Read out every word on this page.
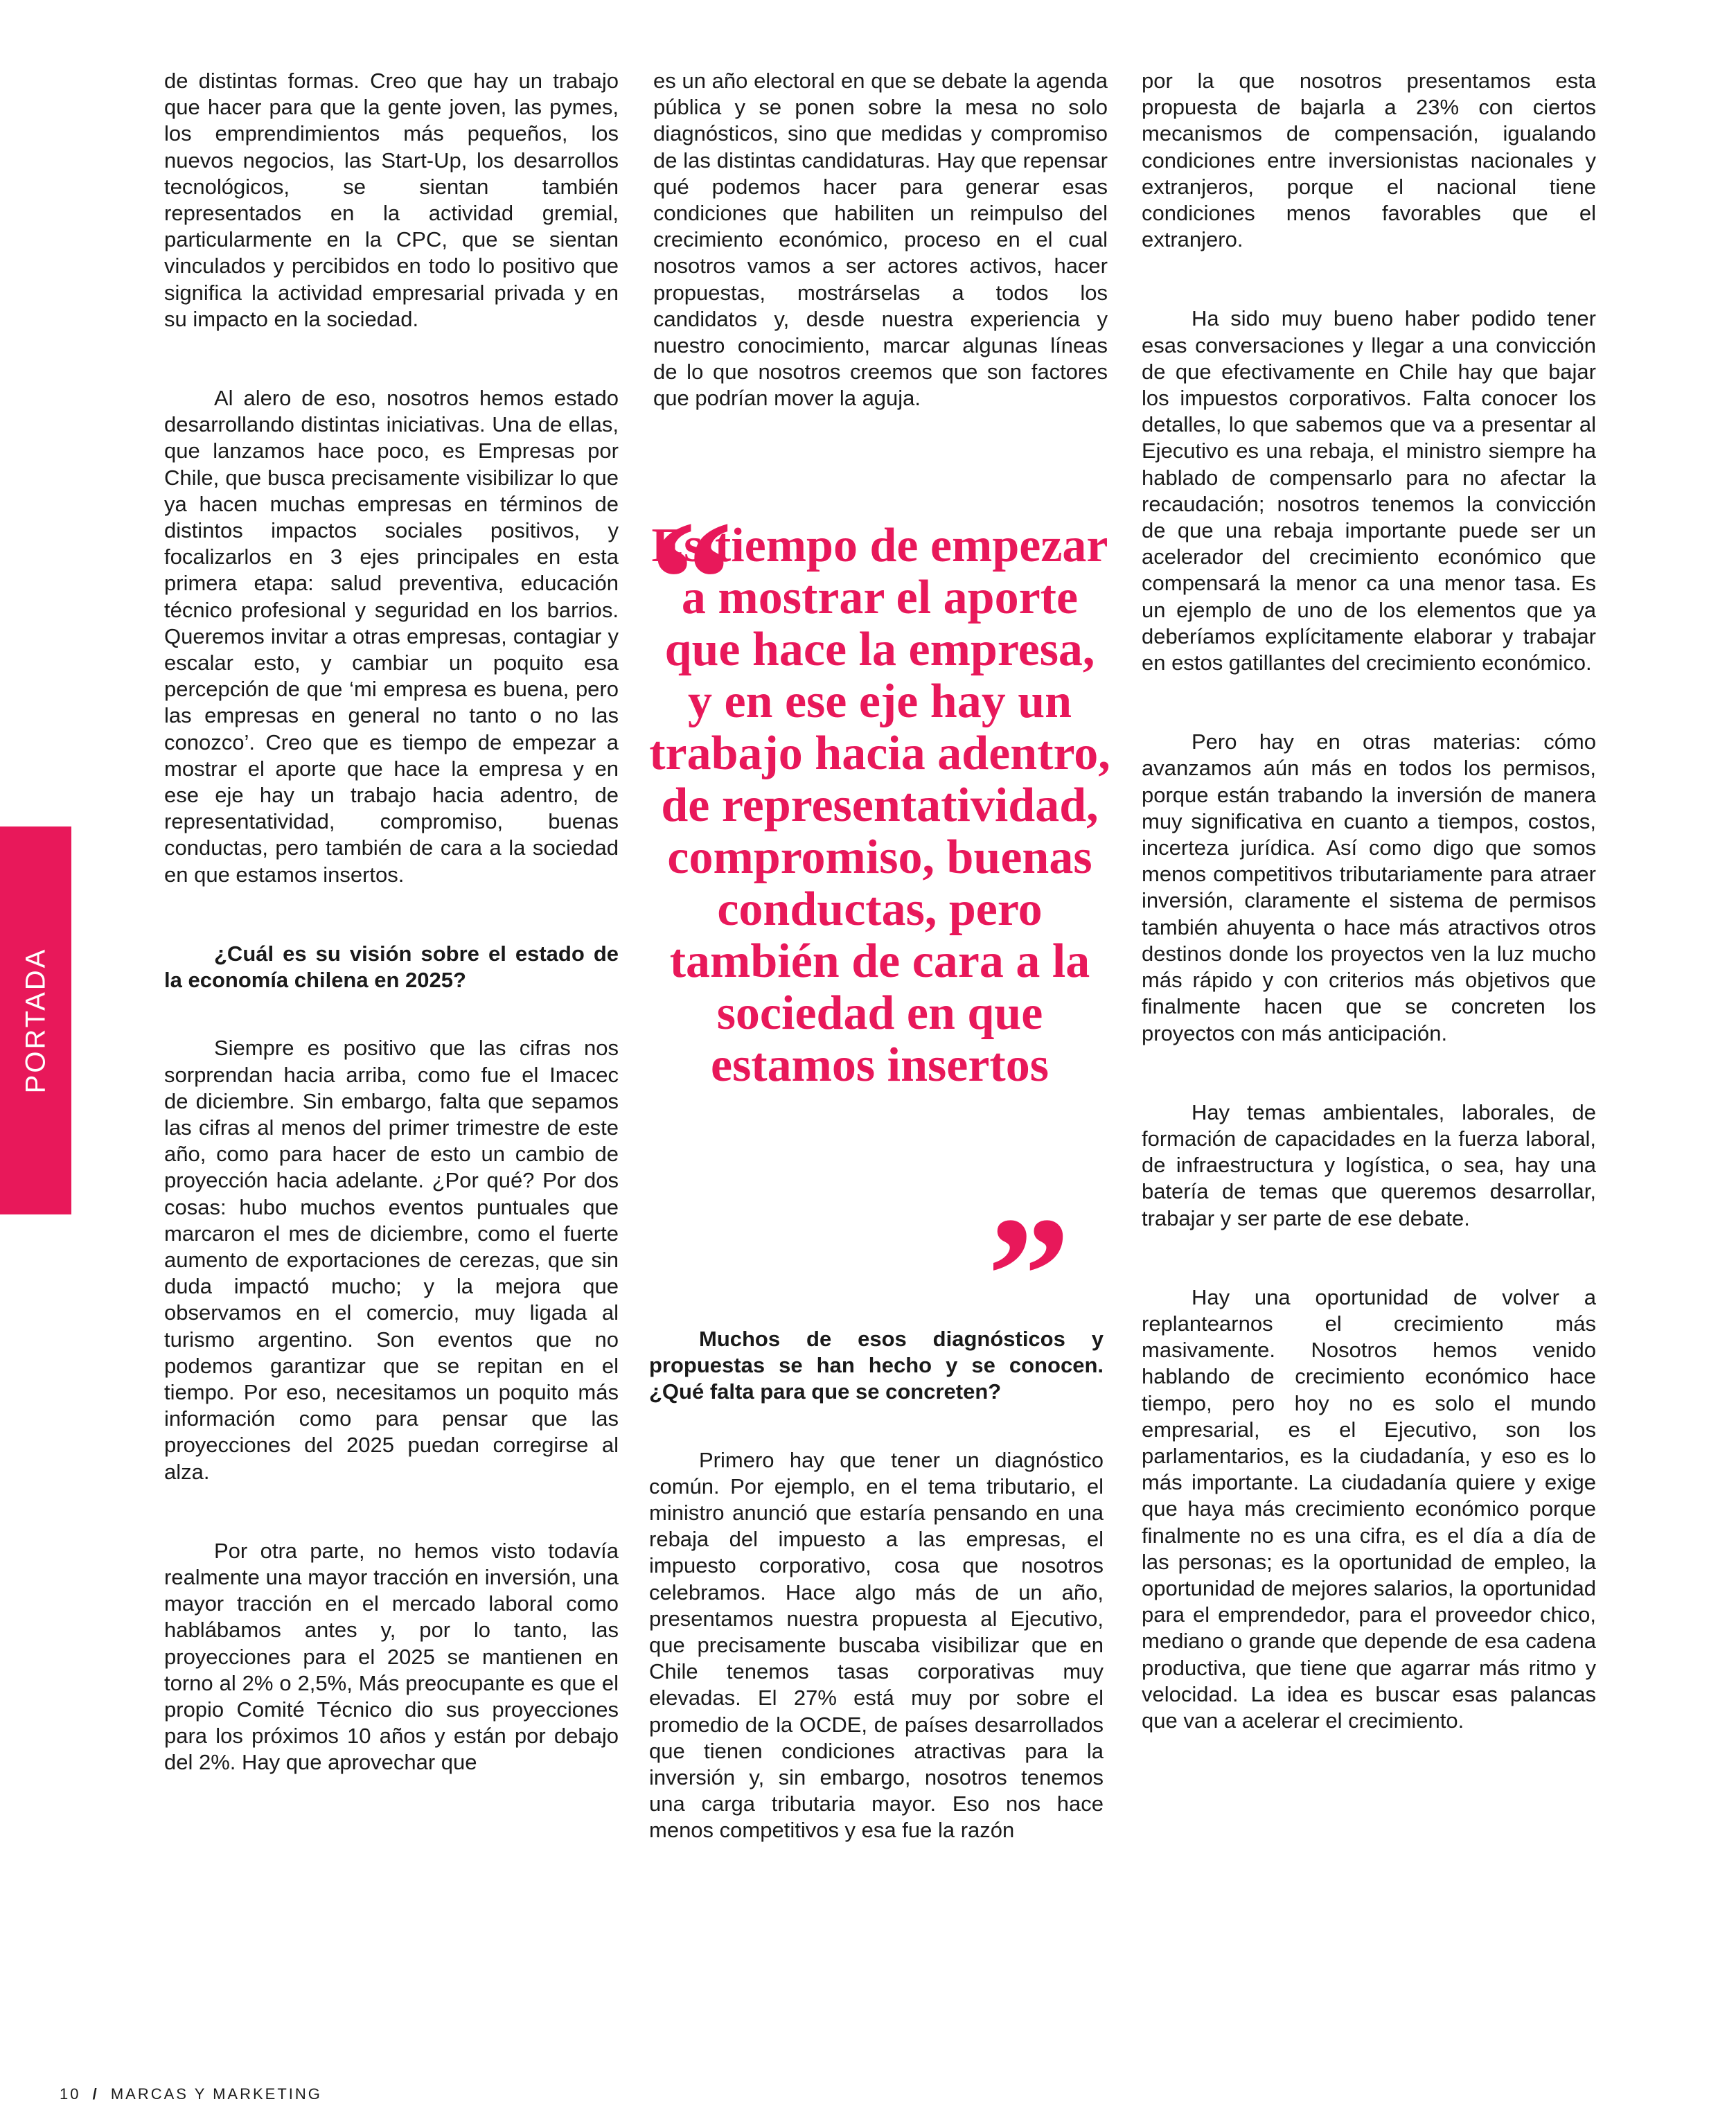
PORTADA

de distintas formas. Creo que hay un trabajo que hacer para que la gente joven, las pymes, los emprendimientos más pequeños, los nuevos negocios, las Start-Up, los desarrollos tecnológicos, se sientan también representados en la actividad gremial, particularmente en la CPC, que se sientan vinculados y percibidos en todo lo positivo que significa la actividad empresarial privada y en su impacto en la sociedad.

Al alero de eso, nosotros hemos estado desarrollando distintas iniciativas. Una de ellas, que lanzamos hace poco, es Empresas por Chile, que busca precisamente visibilizar lo que ya hacen muchas empresas en términos de distintos impactos sociales positivos, y focalizarlos en 3 ejes principales en esta primera etapa: salud preventiva, educación técnico profesional y seguridad en los barrios. Queremos invitar a otras empresas, contagiar y escalar esto, y cambiar un poquito esa percepción de que ‘mi empresa es buena, pero las empresas en general no tanto o no las conozco’. Creo que es tiempo de empezar a mostrar el aporte que hace la empresa y en ese eje hay un trabajo hacia adentro, de representatividad, compromiso, buenas conductas, pero también de cara a la sociedad en que estamos insertos.

¿Cuál es su visión sobre el estado de la economía chilena en 2025?

Siempre es positivo que las cifras nos sorprendan hacia arriba, como fue el Imacec de diciembre. Sin embargo, falta que sepamos las cifras al menos del primer trimestre de este año, como para hacer de esto un cambio de proyección hacia adelante. ¿Por qué? Por dos cosas: hubo muchos eventos puntuales que marcaron el mes de diciembre, como el fuerte aumento de exportaciones de cerezas, que sin duda impactó mucho; y la mejora que observamos en el comercio, muy ligada al turismo argentino. Son eventos que no podemos garantizar que se repitan en el tiempo. Por eso, necesitamos un poquito más información como para pensar que las proyecciones del 2025 puedan corregirse al alza.

Por otra parte, no hemos visto todavía realmente una mayor tracción en inversión, una mayor tracción en el mercado laboral como hablábamos antes y, por lo tanto, las proyecciones para el 2025 se mantienen en torno al 2% o 2,5%, Más preocupante es que el propio Comité Técnico dio sus proyecciones para los próximos 10 años y están por debajo del 2%. Hay que aprovechar que

es un año electoral en que se debate la agenda pública y se ponen sobre la mesa no solo diagnósticos, sino que medidas y compromiso de las distintas candidaturas. Hay que repensar qué podemos hacer para generar esas condiciones que habiliten un reimpulso del crecimiento económico, proceso en el cual nosotros vamos a ser actores activos, hacer propuestas, mostrárselas a todos los candidatos y, desde nuestra experiencia y nuestro conocimiento, marcar algunas líneas de lo que nosotros creemos que son factores que podrían mover la aguja.

“
Es tiempo de empezar a mostrar el aporte que hace la empresa, y en ese eje hay un trabajo hacia adentro, de representatividad, compromiso, buenas conductas, pero también de cara a la sociedad en que estamos insertos
”

Muchos de esos diagnósticos y propuestas se han hecho y se conocen. ¿Qué falta para que se concreten?

Primero hay que tener un diagnóstico común. Por ejemplo, en el tema tributario, el ministro anunció que estaría pensando en una rebaja del impuesto a las empresas, el impuesto corporativo, cosa que nosotros celebramos. Hace algo más de un año, presentamos nuestra propuesta al Ejecutivo, que precisamente buscaba visibilizar que en Chile tenemos tasas corporativas muy elevadas. El 27% está muy por sobre el promedio de la OCDE, de países desarrollados que tienen condiciones atractivas para la inversión y, sin embargo, nosotros tenemos una carga tributaria mayor. Eso nos hace menos competitivos y esa fue la razón

por la que nosotros presentamos esta propuesta de bajarla a 23% con ciertos mecanismos de compensación, igualando condiciones entre inversionistas nacionales y extranjeros, porque el nacional tiene condiciones menos favorables que el extranjero.

Ha sido muy bueno haber podido tener esas conversaciones y llegar a una convicción de que efectivamente en Chile hay que bajar los impuestos corporativos. Falta conocer los detalles, lo que sabemos que va a presentar al Ejecutivo es una rebaja, el ministro siempre ha hablado de compensarlo para no afectar la recaudación; nosotros tenemos la convicción de que una rebaja importante puede ser un acelerador del crecimiento económico que compensará la menor ca una menor tasa. Es un ejemplo de uno de los elementos que ya deberíamos explícitamente elaborar y trabajar en estos gatillantes del crecimiento económico.

Pero hay en otras materias: cómo avanzamos aún más en todos los permisos, porque están trabando la inversión de manera muy significativa en cuanto a tiempos, costos, incerteza jurídica. Así como digo que somos menos competitivos tributariamente para atraer inversión, claramente el sistema de permisos también ahuyenta o hace más atractivos otros destinos donde los proyectos ven la luz mucho más rápido y con criterios más objetivos que finalmente hacen que se concreten los proyectos con más anticipación.

Hay temas ambientales, laborales, de formación de capacidades en la fuerza laboral, de infraestructura y logística, o sea, hay una batería de temas que queremos desarrollar, trabajar y ser parte de ese debate.

Hay una oportunidad de volver a replantearnos el crecimiento más masivamente. Nosotros hemos venido hablando de crecimiento económico hace tiempo, pero hoy no es solo el mundo empresarial, es el Ejecutivo, son los parlamentarios, es la ciudadanía, y eso es lo más importante. La ciudadanía quiere y exige que haya más crecimiento económico porque finalmente no es una cifra, es el día a día de las personas; es la oportunidad de empleo, la oportunidad de mejores salarios, la oportunidad para el emprendedor, para el proveedor chico, mediano o grande que depende de esa cadena productiva, que tiene que agarrar más ritmo y velocidad. La idea es buscar esas palancas que van a acelerar el crecimiento.

10 / MARCAS Y MARKETING
